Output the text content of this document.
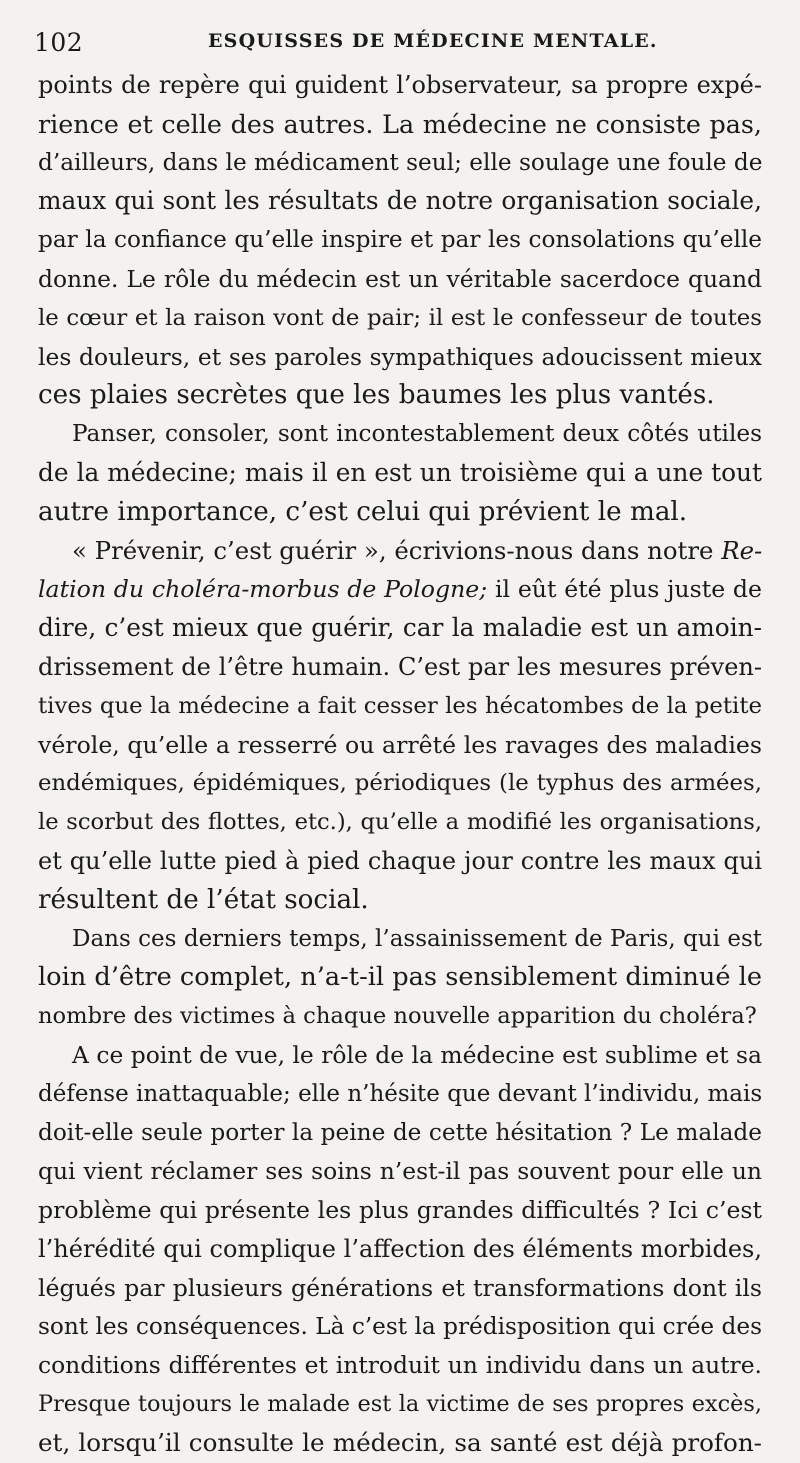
102	ESQUISSES DE MÉDECINE MENTALE.
points de repère qui guident l’observateur, sa propre expé-
rience et celle des autres. La médecine ne consiste pas,
d’ailleurs, dans le médicament seul; elle soulage une foule de
maux qui sont les résultats de notre organisation sociale,
par la confiance qu’elle inspire et par les consolations qu’elle
donne. Le rôle du médecin est un véritable sacerdoce quand
le cœur et la raison vont de pair; il est le confesseur de toutes
les douleurs, et ses paroles sympathiques adoucissent mieux
ces plaies secrètes que les baumes les plus vantés.
Panser, consoler, sont incontestablement deux côtés utiles
de la médecine; mais il en est un troisième qui a une tout
autre importance, c’est celui qui prévient le mal.
« Prévenir, c’est guérir », écrivions-nous dans notre Re-
lation du choléra-morbus de Pologne; il eût été plus juste de
dire, c’est mieux que guérir, car la maladie est un amoin-
drissement de l’être humain. C’est par les mesures préven-
tives que la médecine a fait cesser les hécatombes de la petite
vérole, qu’elle a resserré ou arrêté les ravages des maladies
endémiques, épidémiques, périodiques (le typhus des armées,
le scorbut des flottes, etc.), qu’elle a modifié les organisations,
et qu’elle lutte pied à pied chaque jour contre les maux qui
résultent de l’état social.
Dans ces derniers temps, l’assainissement de Paris, qui est
loin d’être complet, n’a-t-il pas sensiblement diminué le
nombre des victimes à chaque nouvelle apparition du choléra?
A ce point de vue, le rôle de la médecine est sublime et sa
défense inattaquable; elle n’hésite que devant l’individu, mais
doit-elle seule porter la peine de cette hésitation ? Le malade
qui vient réclamer ses soins n’est-il pas souvent pour elle un
problème qui présente les plus grandes difficultés ? Ici c’est
l’hérédité qui complique l’affection des éléments morbides,
légués par plusieurs générations et transformations dont ils
sont les conséquences. Là c’est la prédisposition qui crée des
conditions différentes et introduit un individu dans un autre.
Presque toujours le malade est la victime de ses propres excès,
et, lorsqu’il consulte le médecin, sa santé est déjà profon-
